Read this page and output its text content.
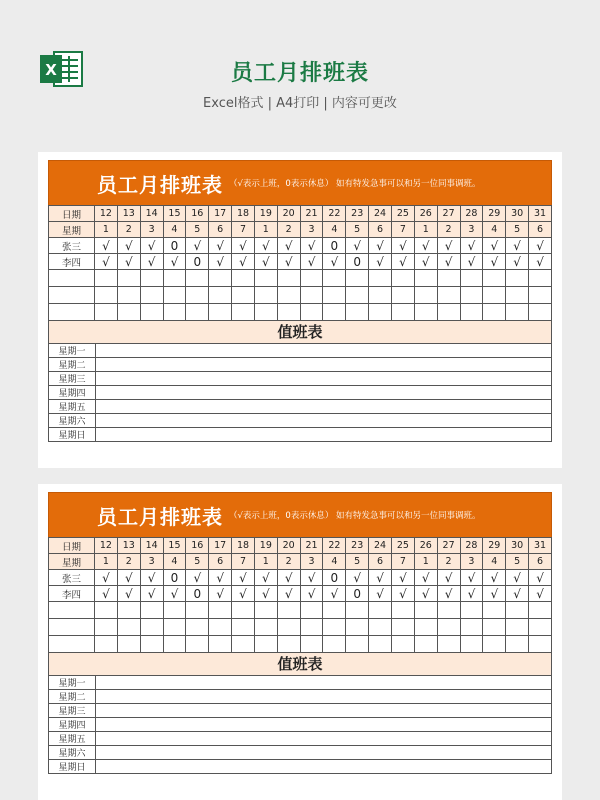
X	员工月排班表
Excel格式 | A4打印 | 内容可更改
员工月排班表 （√表示上班，0表示休息） 如有特发急事可以和另一位同事调班。
日期	12	13	14	15	16	17	18	19	20	21	22	23	24	25	26	27	28	29	30	31
星期	1	2	3	4	5	6	7	1	2	3	4	5	6	7	1	2	3	4	5	6
张三	√	√	√	0	√	√	√	√	√	√	0	√	√	√	√	√	√	√	√	√
李四	√	√	√	√	0	√	√	√	√	√	√	0	√	√	√	√	√	√	√	√

值班表
星期一	
星期二	
星期三	
星期四	
星期五	
星期六	
星期日	
员工月排班表 （√表示上班，0表示休息） 如有特发急事可以和另一位同事调班。
日期	12	13	14	15	16	17	18	19	20	21	22	23	24	25	26	27	28	29	30	31
星期	1	2	3	4	5	6	7	1	2	3	4	5	6	7	1	2	3	4	5	6
张三	√	√	√	0	√	√	√	√	√	√	0	√	√	√	√	√	√	√	√	√
李四	√	√	√	√	0	√	√	√	√	√	√	0	√	√	√	√	√	√	√	√

值班表
星期一	
星期二	
星期三	
星期四	
星期五	
星期六	
星期日	
